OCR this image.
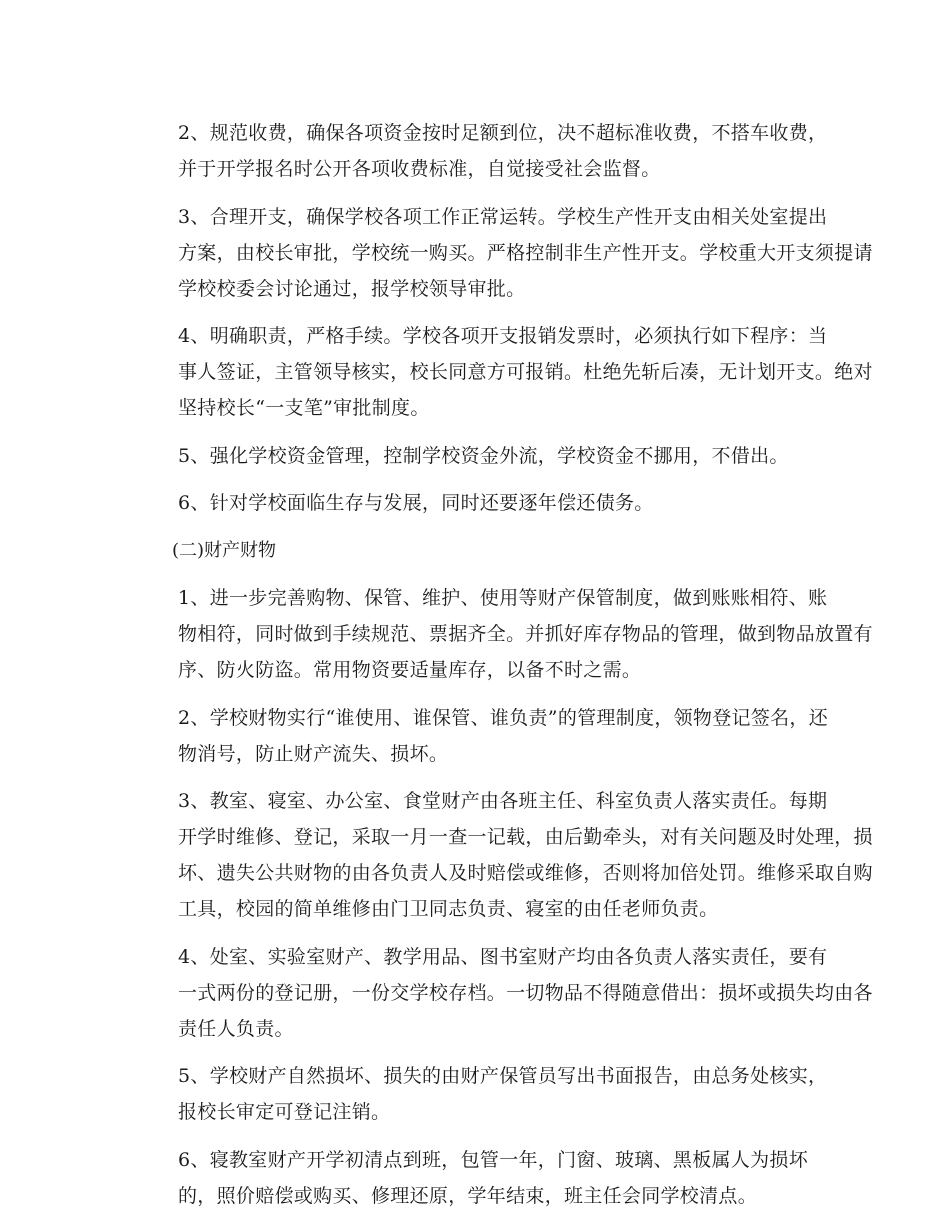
2、规范收费，确保各项资金按时足额到位，决不超标准收费，不搭车收费，
并于开学报名时公开各项收费标准，自觉接受社会监督。

3、合理开支，确保学校各项工作正常运转。学校生产性开支由相关处室提出
方案，由校长审批，学校统一购买。严格控制非生产性开支。学校重大开支须提请
学校校委会讨论通过，报学校领导审批。

4、明确职责，严格手续。学校各项开支报销发票时，必须执行如下程序：当
事人签证，主管领导核实，校长同意方可报销。杜绝先斩后凑，无计划开支。绝对
坚持校长“一支笔”审批制度。

5、强化学校资金管理，控制学校资金外流，学校资金不挪用，不借出。

6、针对学校面临生存与发展，同时还要逐年偿还债务。

(二)财产财物

1、进一步完善购物、保管、维护、使用等财产保管制度，做到账账相符、账
物相符，同时做到手续规范、票据齐全。并抓好库存物品的管理，做到物品放置有
序、防火防盗。常用物资要适量库存，以备不时之需。

2、学校财物实行“谁使用、谁保管、谁负责”的管理制度，领物登记签名，还
物消号，防止财产流失、损坏。

3、教室、寝室、办公室、食堂财产由各班主任、科室负责人落实责任。每期
开学时维修、登记，采取一月一查一记载，由后勤牵头，对有关问题及时处理，损
坏、遗失公共财物的由各负责人及时赔偿或维修，否则将加倍处罚。维修采取自购
工具，校园的简单维修由门卫同志负责、寝室的由任老师负责。

4、处室、实验室财产、教学用品、图书室财产均由各负责人落实责任，要有
一式两份的登记册，一份交学校存档。一切物品不得随意借出：损坏或损失均由各
责任人负责。

5、学校财产自然损坏、损失的由财产保管员写出书面报告，由总务处核实，
报校长审定可登记注销。

6、寝教室财产开学初清点到班，包管一年，门窗、玻璃、黑板属人为损坏
的，照价赔偿或购买、修理还原，学年结束，班主任会同学校清点。
